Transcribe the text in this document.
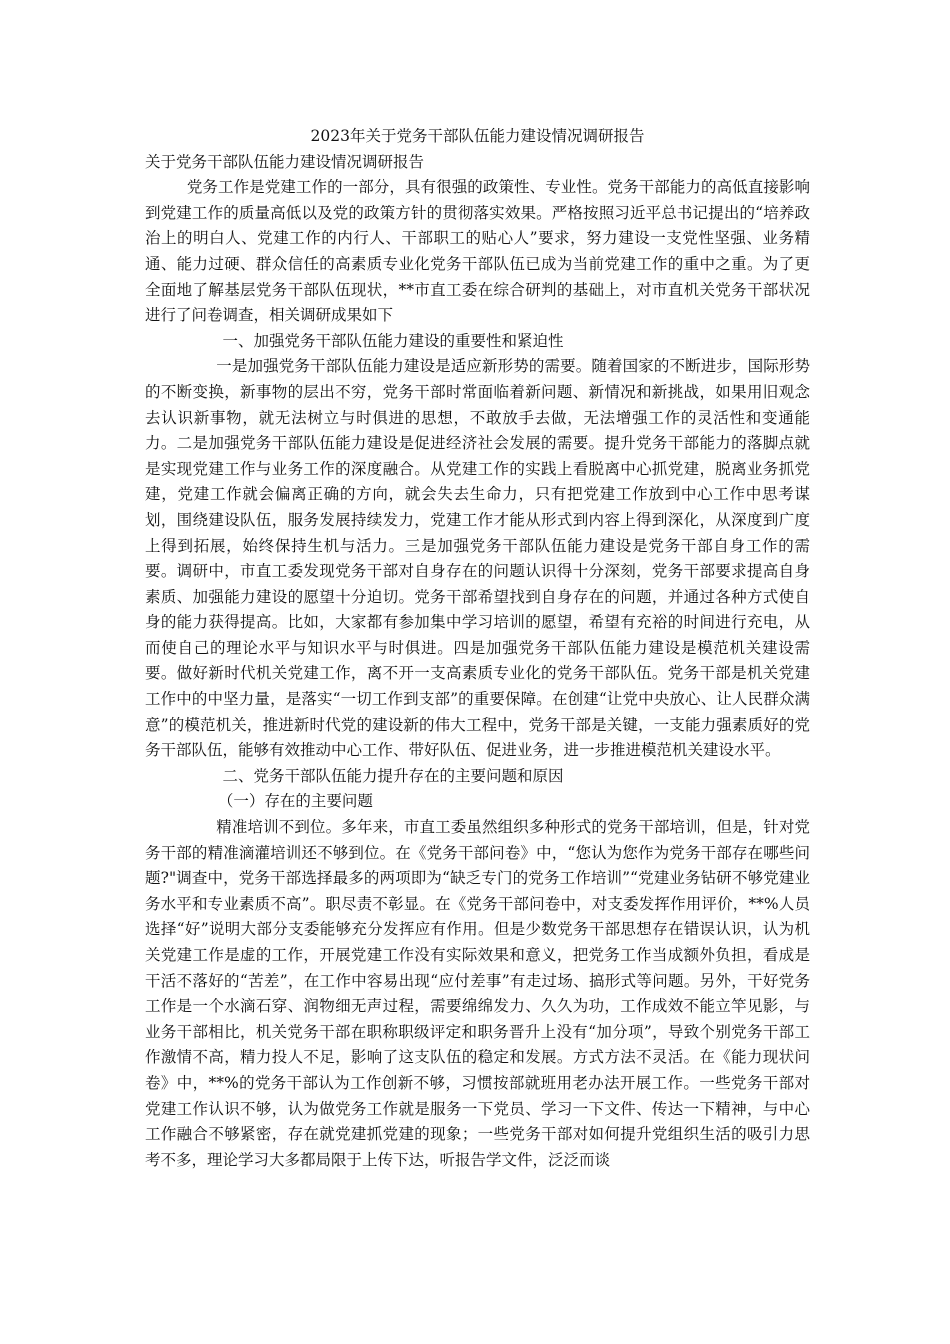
2023年关于党务干部队伍能力建设情况调研报告

关于党务干部队伍能力建设情况调研报告

党务工作是党建工作的一部分，具有很强的政策性、专业性。党务干部能力的高低直接影响到党建工作的质量高低以及党的政策方针的贯彻落实效果。严格按照习近平总书记提出的“培养政治上的明白人、党建工作的内行人、干部职工的贴心人”要求，努力建设一支党性坚强、业务精通、能力过硬、群众信任的高素质专业化党务干部队伍已成为当前党建工作的重中之重。为了更全面地了解基层党务干部队伍现状，**市直工委在综合研判的基础上，对市直机关党务干部状况进行了问卷调查，相关调研成果如下

一、加强党务干部队伍能力建设的重要性和紧迫性

一是加强党务干部队伍能力建设是适应新形势的需要。随着国家的不断进步，国际形势的不断变换，新事物的层出不穷，党务干部时常面临着新问题、新情况和新挑战，如果用旧观念去认识新事物，就无法树立与时俱进的思想，不敢放手去做，无法增强工作的灵活性和变通能力。二是加强党务干部队伍能力建设是促进经济社会发展的需要。提升党务干部能力的落脚点就是实现党建工作与业务工作的深度融合。从党建工作的实践上看脱离中心抓党建，脱离业务抓党建，党建工作就会偏离正确的方向，就会失去生命力，只有把党建工作放到中心工作中思考谋划，围绕建设队伍，服务发展持续发力，党建工作才能从形式到内容上得到深化，从深度到广度上得到拓展，始终保持生机与活力。三是加强党务干部队伍能力建设是党务干部自身工作的需要。调研中，市直工委发现党务干部对自身存在的问题认识得十分深刻，党务干部要求提高自身素质、加强能力建设的愿望十分迫切。党务干部希望找到自身存在的问题，并通过各种方式使自身的能力获得提高。比如，大家都有参加集中学习培训的愿望，希望有充裕的时间进行充电，从而使自己的理论水平与知识水平与时俱进。四是加强党务干部队伍能力建设是模范机关建设需要。做好新时代机关党建工作，离不开一支高素质专业化的党务干部队伍。党务干部是机关党建工作中的中坚力量，是落实“一切工作到支部”的重要保障。在创建“让党中央放心、让人民群众满意”的模范机关，推进新时代党的建设新的伟大工程中，党务干部是关键，一支能力强素质好的党务干部队伍，能够有效推动中心工作、带好队伍、促进业务，进一步推进模范机关建设水平。

二、党务干部队伍能力提升存在的主要问题和原因

（一）存在的主要问题

精准培训不到位。多年来，市直工委虽然组织多种形式的党务干部培训，但是，针对党务干部的精准滴灌培训还不够到位。在《党务干部问卷》中，“您认为您作为党务干部存在哪些问题?"调查中，党务干部选择最多的两项即为“缺乏专门的党务工作培训”“党建业务钻研不够党建业务水平和专业素质不高”。职尽责不彰显。在《党务干部问卷中，对支委发挥作用评价，**%人员选择“好”说明大部分支委能够充分发挥应有作用。但是少数党务干部思想存在错误认识，认为机关党建工作是虚的工作，开展党建工作没有实际效果和意义，把党务工作当成额外负担，看成是干活不落好的“苦差”，在工作中容易出现“应付差事”有走过场、搞形式等问题。另外，干好党务工作是一个水滴石穿、润物细无声过程，需要绵绵发力、久久为功，工作成效不能立竿见影，与业务干部相比，机关党务干部在职称职级评定和职务晋升上没有“加分项”，导致个别党务干部工作激情不高，精力投人不足，影响了这支队伍的稳定和发展。方式方法不灵活。在《能力现状问卷》中，**%的党务干部认为工作创新不够，习惯按部就班用老办法开展工作。一些党务干部对党建工作认识不够，认为做党务工作就是服务一下党员、学习一下文件、传达一下精神，与中心工作融合不够紧密，存在就党建抓党建的现象；一些党务干部对如何提升党组织生活的吸引力思考不多，理论学习大多都局限于上传下达，听报告学文件，泛泛而谈
